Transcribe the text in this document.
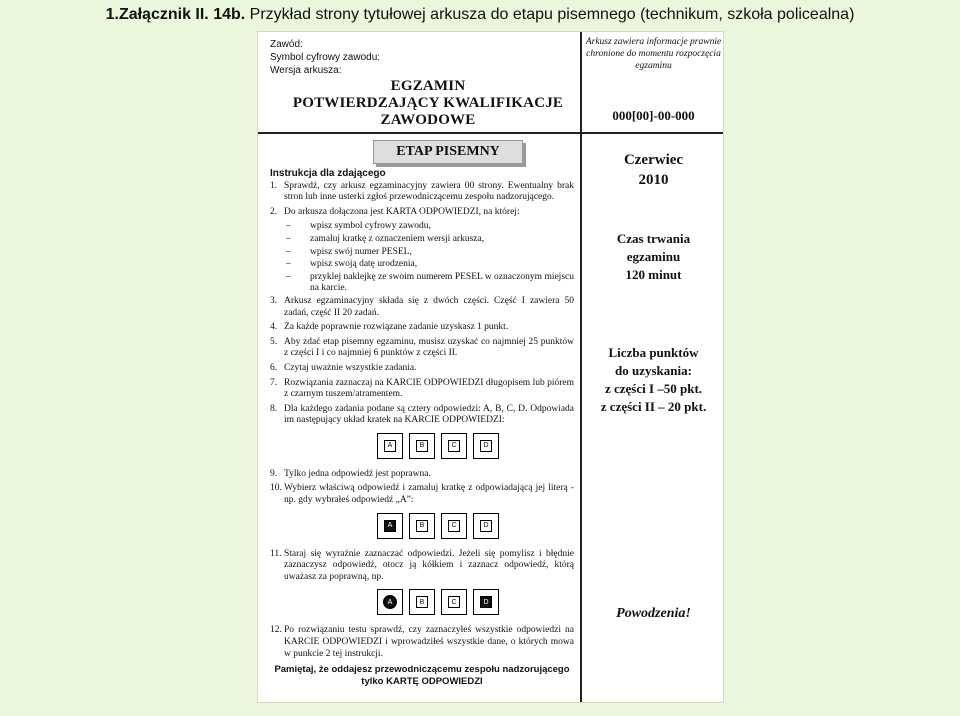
1.Załącznik II. 14b. Przykład strony tytułowej arkusza do etapu pisemnego (technikum, szkoła policealna)
Zawód:
Symbol cyfrowy zawodu:
Wersja arkusza:
EGZAMIN
POTWIERDZAJĄCY KWALIFIKACJE
ZAWODOWE
ETAP PISEMNY
Instrukcja dla zdającego
1. Sprawdź, czy arkusz egzaminacyjny zawiera 00 strony. Ewentualny brak stron lub inne usterki zgłoś przewodniczącemu zespołu nadzorującego.
2. Do arkusza dołączona jest KARTA ODPOWIEDZI, na której:
–	wpisz symbol cyfrowy zawodu,
–	zamaluj kratkę z oznaczeniem wersji arkusza,
–	wpisz swój numer PESEL,
–	wpisz swoją datę urodzenia,
–	przyklej naklejkę ze swoim numerem PESEL w oznaczonym miejscu na karcie.
3. Arkusz egzaminacyjny składa się z dwóch części. Część I zawiera 50 zadań, część II 20 zadań.
4. Za każde poprawnie rozwiązane zadanie uzyskasz 1 punkt.
5. Aby zdać etap pisemny egzaminu, musisz uzyskać co najmniej 25 punktów z części I i co najmniej 6 punktów z części II.
6. Czytaj uważnie wszystkie zadania.
7. Rozwiązania zaznaczaj na KARCIE ODPOWIEDZI długopisem lub piórem z czarnym tuszem/atramentem.
8. Dla każdego zadania podane są cztery odpowiedzi: A, B, C, D. Odpowiada im następujący układ kratek na KARCIE ODPOWIEDZI:
A	B	C	D
9. Tylko jedna odpowiedź jest poprawna.
10. Wybierz właściwą odpowiedź i zamaluj kratkę z odpowiadającą jej literą - np. gdy wybrałeś odpowiedź „A”:
A	B	C	D
11. Staraj się wyraźnie zaznaczać odpowiedzi. Jeżeli się pomylisz i błędnie zaznaczysz odpowiedź, otocz ją kółkiem i zaznacz odpowiedź, którą uważasz za poprawną, np.
A	B	C	D
12. Po rozwiązaniu testu sprawdź, czy zaznaczyłeś wszystkie odpowiedzi na KARCIE ODPOWIEDZI i wprowadziłeś wszystkie dane, o których mowa w punkcie 2 tej instrukcji.
Pamiętaj, że oddajesz przewodniczącemu zespołu nadzorującego
tylko KARTĘ ODPOWIEDZI
Arkusz zawiera informacje prawnie chronione do momentu rozpoczęcia egzaminu
000[00]-00-000
Czerwiec
2010
Czas trwania
egzaminu
120 minut
Liczba punktów
do uzyskania:
z części I –50 pkt.
z części II – 20 pkt.
Powodzenia!
